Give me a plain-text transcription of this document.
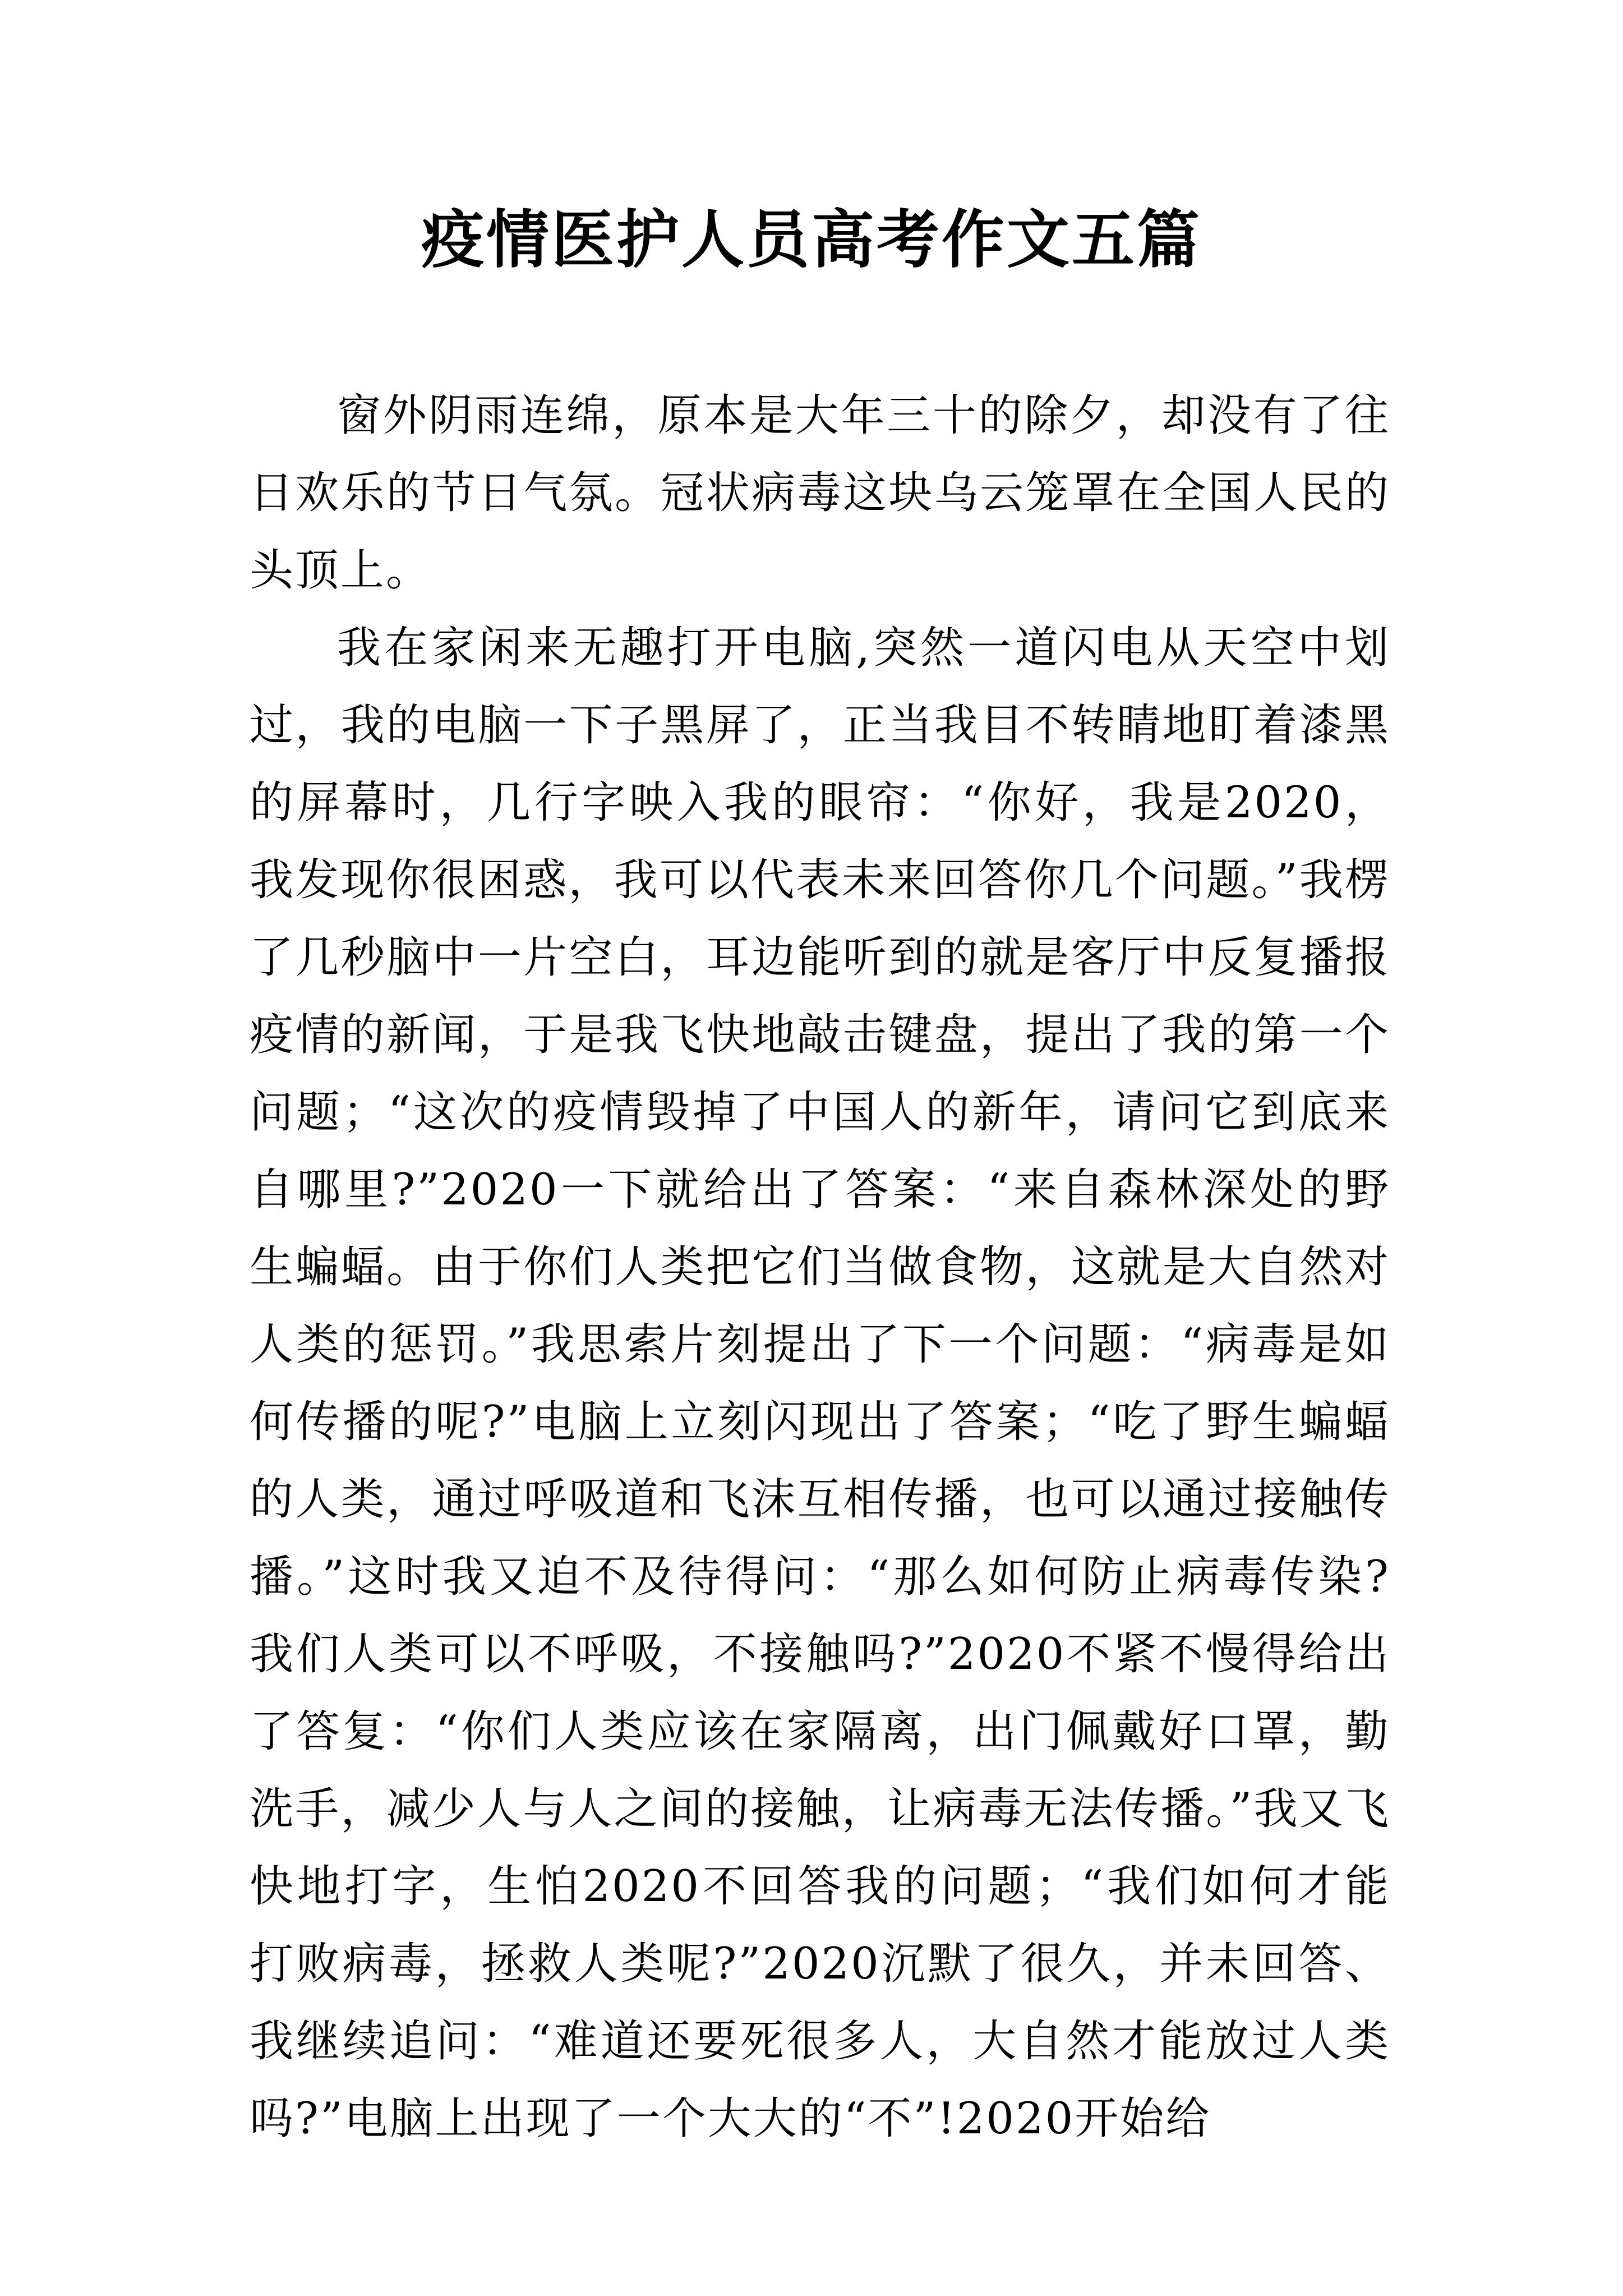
疫情医护人员高考作文五篇

窗外阴雨连绵，原本是大年三十的除夕，却没有了往日欢乐的节日气氛。冠状病毒这块乌云笼罩在全国人民的头顶上。

我在家闲来无趣打开电脑,突然一道闪电从天空中划过，我的电脑一下子黑屏了，正当我目不转睛地盯着漆黑的屏幕时，几行字映入我的眼帘：“你好，我是2020，我发现你很困惑，我可以代表未来回答你几个问题。”我楞了几秒脑中一片空白，耳边能听到的就是客厅中反复播报疫情的新闻，于是我飞快地敲击键盘，提出了我的第一个问题；“这次的疫情毁掉了中国人的新年，请问它到底来自哪里?”2020一下就给出了答案：“来自森林深处的野生蝙蝠。由于你们人类把它们当做食物，这就是大自然对人类的惩罚。”我思索片刻提出了下一个问题：“病毒是如何传播的呢?”电脑上立刻闪现出了答案；“吃了野生蝙蝠的人类，通过呼吸道和飞沫互相传播，也可以通过接触传播。”这时我又迫不及待得问：“那么如何防止病毒传染?我们人类可以不呼吸，不接触吗?”2020不紧不慢得给出了答复：“你们人类应该在家隔离，出门佩戴好口罩，勤洗手，减少人与人之间的接触，让病毒无法传播。”我又飞快地打字，生怕2020不回答我的问题；“我们如何才能打败病毒，拯救人类呢?”2020沉默了很久，并未回答、我继续追问：“难道还要死很多人，大自然才能放过人类吗?”电脑上出现了一个大大的“不”!2020开始给
